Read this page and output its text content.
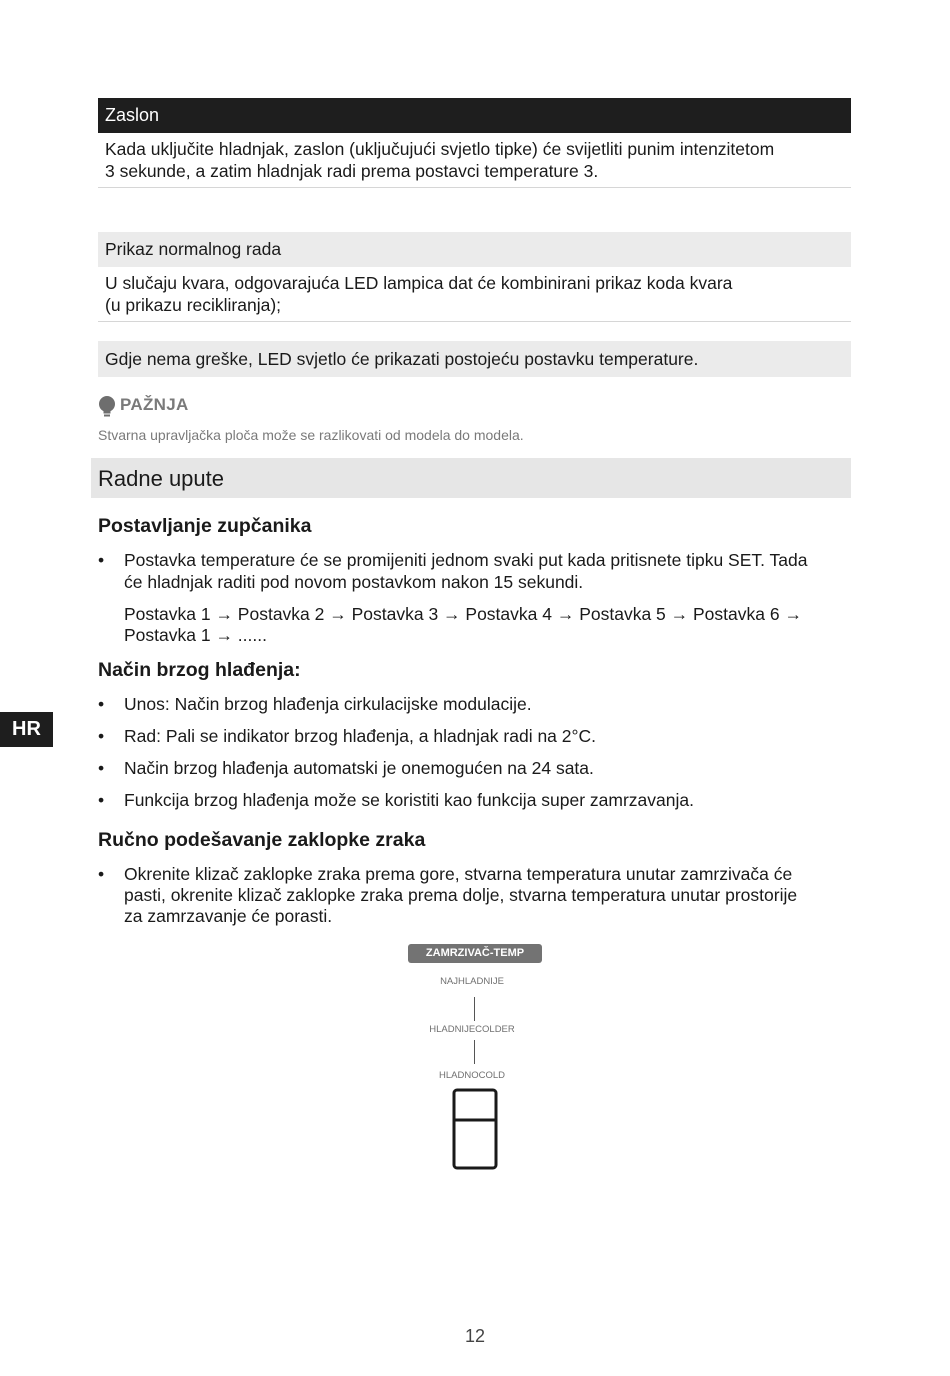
Zaslon
Kada uključite hladnjak, zaslon (uključujući svjetlo tipke) će svijetliti punim intenzitetom
3 sekunde, a zatim hladnjak radi prema postavci temperature 3.
Prikaz normalnog rada
U slučaju kvara, odgovarajuća LED lampica dat će kombinirani prikaz koda kvara
(u prikazu recikliranja);
Gdje nema greške, LED svjetlo će prikazati postojeću postavku temperature.
PAŽNJA
Stvarna upravljačka ploča može se razlikovati od modela do modela.
Radne upute
Postavljanje zupčanika
• Postavka temperature će se promijeniti jednom svaki put kada pritisnete tipku SET. Tada
će hladnjak raditi pod novom postavkom nakon 15 sekundi.
Postavka 1 → Postavka 2 → Postavka 3 → Postavka 4 → Postavka 5 → Postavka 6 →
Postavka 1 → ......
Način brzog hlađenja:
• Unos: Način brzog hlađenja cirkulacijske modulacije.
• Rad: Pali se indikator brzog hlađenja, a hladnjak radi na 2°C.
• Način brzog hlađenja automatski je onemogućen na 24 sata.
• Funkcija brzog hlađenja može se koristiti kao funkcija super zamrzavanja.
Ručno podešavanje zaklopke zraka
• Okrenite klizač zaklopke zraka prema gore, stvarna temperatura unutar zamrzivača će
pasti, okrenite klizač zaklopke zraka prema dolje, stvarna temperatura unutar prostorije
za zamrzavanje će porasti.
HR
ZAMRZIVAČ-TEMP
NAJHLADNIJE
HLADNIJECOLDER
HLADNOCOLD
12
